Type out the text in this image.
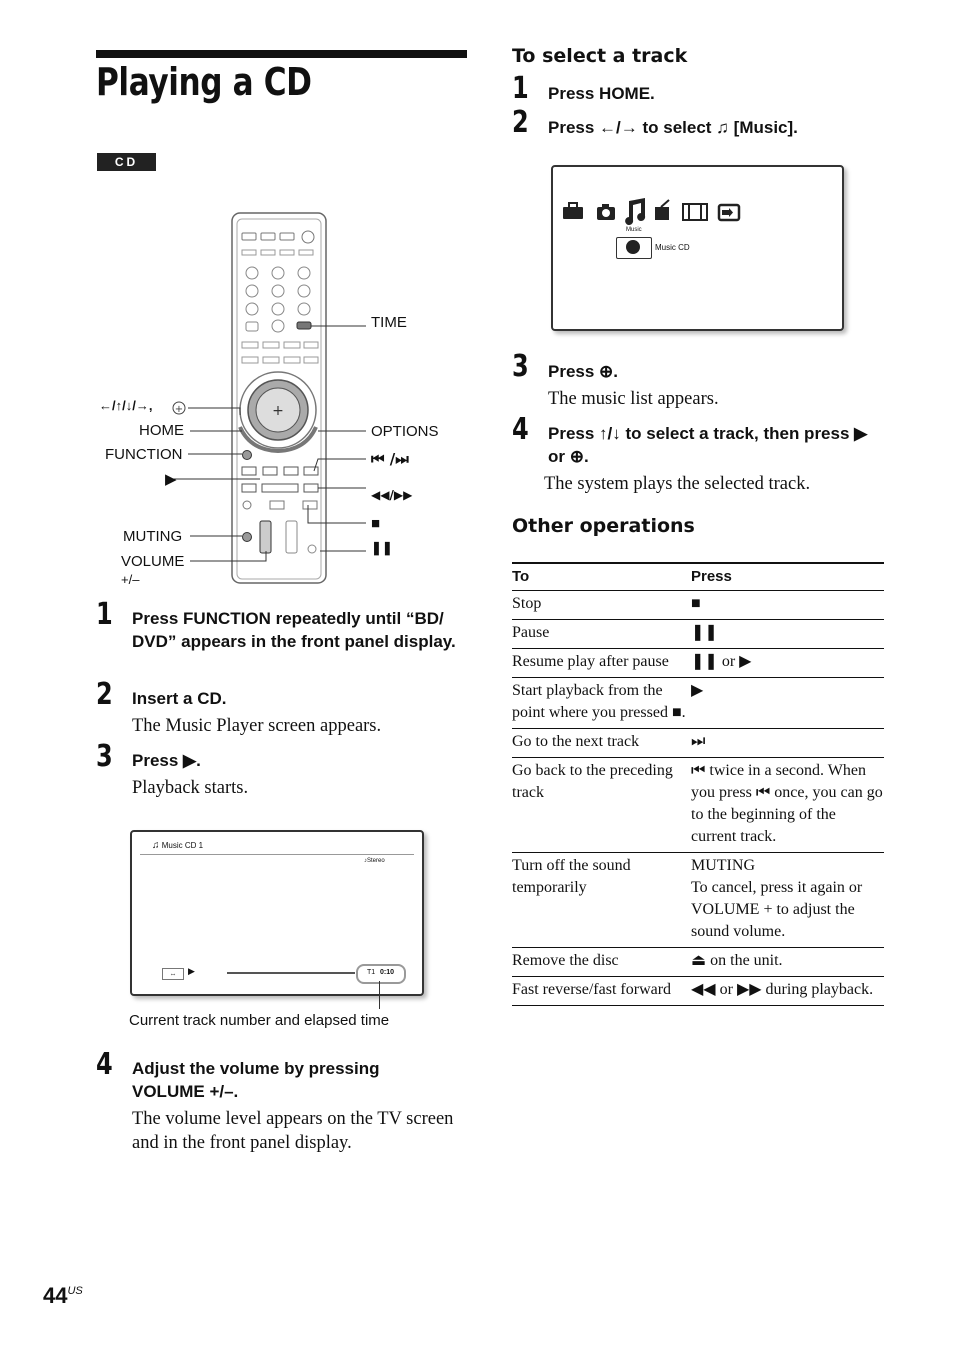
Playing a CD
CD
+
+
TIME
←/↑/↓/→,
HOME
FUNCTION
▶
MUTING
VOLUME
+/–
OPTIONS
⏮ /⏭
◀◀/▶▶
■
❚❚
1 Press FUNCTION repeatedly until “BD/ DVD” appears in the front panel display.
2 Insert a CD.
The Music Player screen appears.
3 Press ▶.
Playback starts.
♫ Music CD 1
♪Stereo
⇔	▶	T1 0:10
Current track number and elapsed time
4 Adjust the volume by pressing VOLUME +/–.
The volume level appears on the TV screen and in the front panel display.
To select a track
1 Press HOME.
2 Press ←/→ to select ♫ [Music].
Music
Music CD
3 Press ⊕.
The music list appears.
4 Press ↑/↓ to select a track, then press ▶ or ⊕.
The system plays the selected track.
Other operations
To	Press
Stop	■
Pause	❚❚
Resume play after pause	❚❚ or ▶
Start playback from the point where you pressed ■.	▶
Go to the next track	⏭
Go back to the preceding track	⏮ twice in a second. When you press ⏮ once, you can go to the beginning of the current track.
Turn off the sound temporarily	MUTING
To cancel, press it again or VOLUME + to adjust the sound volume.

Remove the disc	⏏ on the unit.
Fast reverse/fast forward	◀◀ or ▶▶ during playback.
$44^{US}$
